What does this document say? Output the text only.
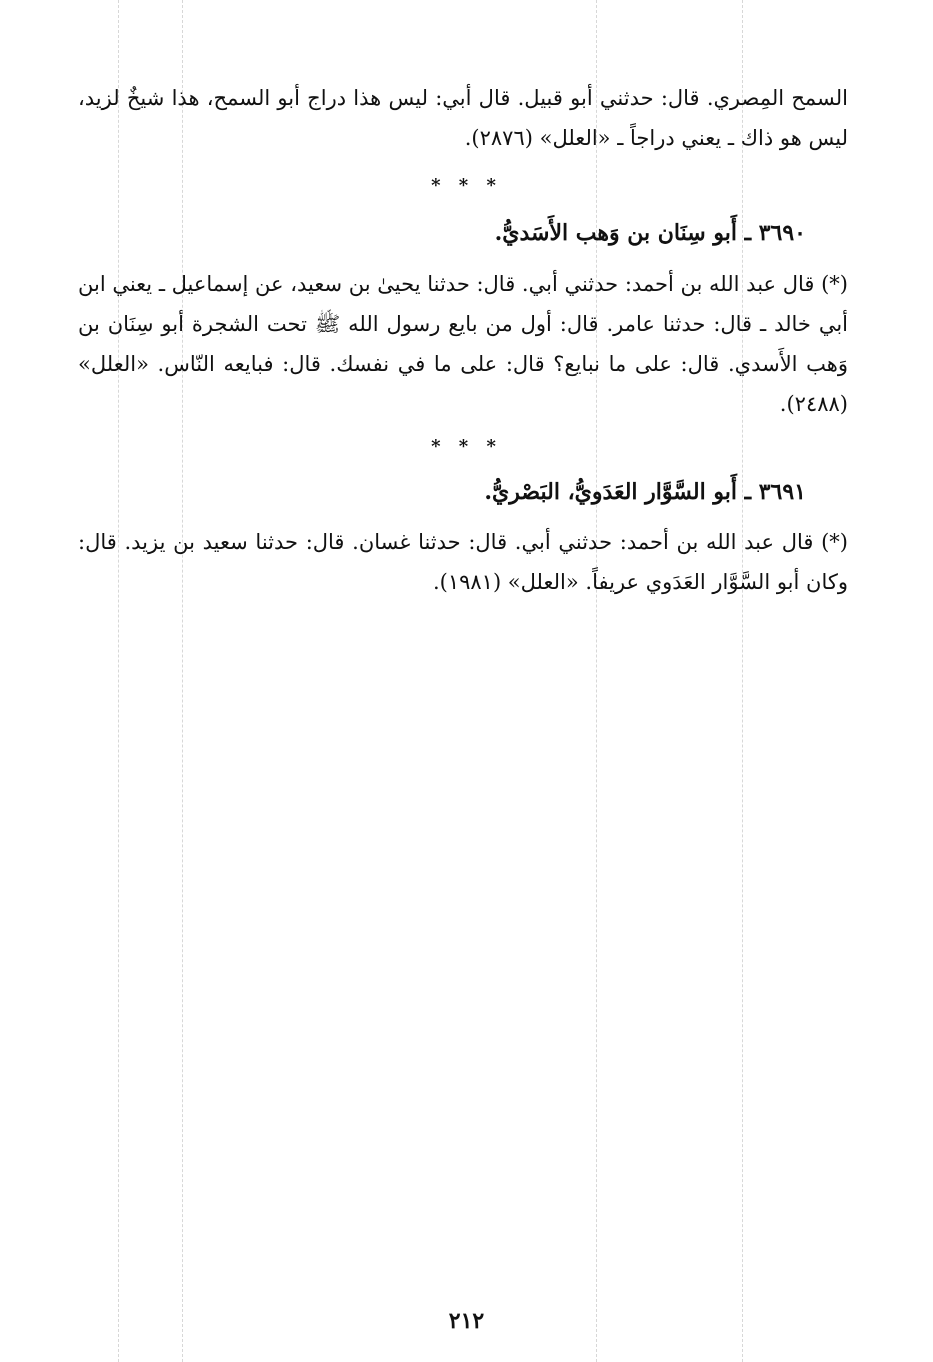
السمح المِصري. قال: حدثني أبو قبيل. قال أبي: ليس هذا دراج أبو السمح، هذا شيخٌ لزيد، ليس هو ذاك ـ يعني دراجاً ـ «العلل» (٢٨٧٦).
* * *
٣٦٩٠ ـ أَبو سِنَان بن وَهب الأَسَديُّ.
(*) قال عبد الله بن أحمد: حدثني أبي. قال: حدثنا يحيىٰ بن سعيد، عن إسماعيل ـ يعني ابن أبي خالد ـ قال: حدثنا عامر. قال: أول من بايع رسول الله ﷺ تحت الشجرة أبو سِنَان بن وَهب الأَسدي. قال: على ما نبايع؟ قال: على ما في نفسك. قال: فبايعه النّاس. «العلل» (٢٤٨٨).
* * *
٣٦٩١ ـ أَبو السَّوَّار العَدَويُّ، البَصْريُّ.
(*) قال عبد الله بن أحمد: حدثني أبي. قال: حدثنا غسان. قال: حدثنا سعيد بن يزيد. قال: وكان أبو السَّوَّار العَدَوي عريفاً. «العلل» (١٩٨١).
٢١٢
